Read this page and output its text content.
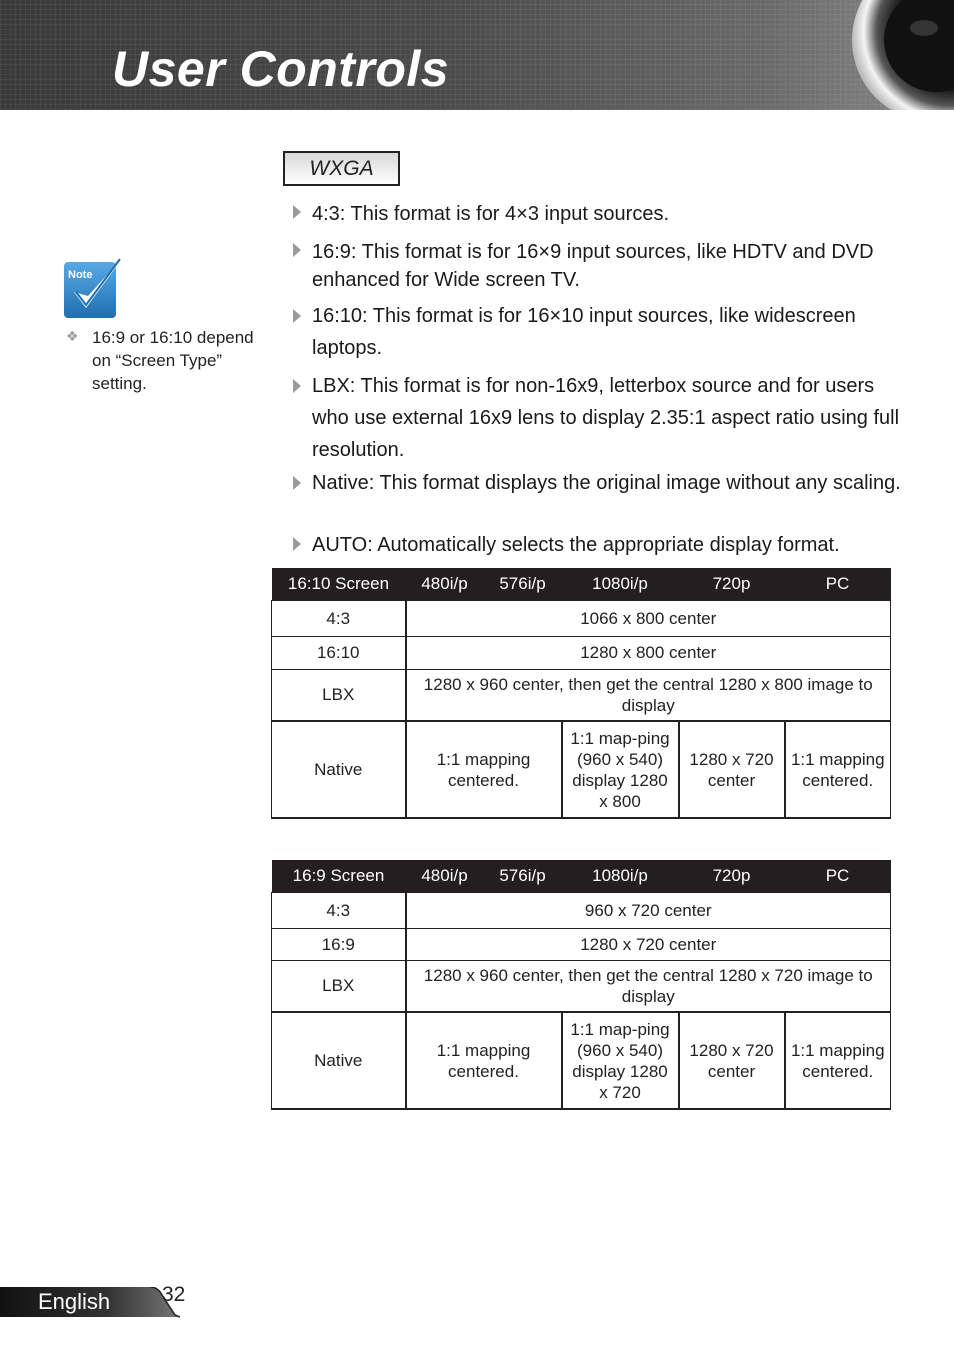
User Controls
WXGA
Note
❖ 16:9 or 16:10 depend on “Screen Type” setting.
4:3: This format is for 4×3 input sources.
16:9: This format is for 16×9 input sources, like HDTV and DVD enhanced for Wide screen TV.
16:10: This format is for 16×10 input sources, like widescreen laptops.
LBX: This format is for non-16x9, letterbox source and for users who use external 16x9 lens to display 2.35:1 aspect ratio using full resolution.
Native: This format displays the original image without any scaling.
AUTO: Automatically selects the appropriate display format.
16:10 Screen	480i/p	576i/p	1080i/p	720p	PC
4:3	1066 x 800 center				
16:10	1280 x 800 center				
LBX	1280 x 960 center, then get the central 1280 x 800 image to display				
Native	1:1 mapping centered.		1:1 map-ping (960 x 540) display 1280 x 800	1280 x 720 center	1:1 mapping centered.
16:9 Screen	480i/p	576i/p	1080i/p	720p	PC
4:3	960 x 720 center				
16:9	1280 x 720 center				
LBX	1280 x 960 center, then get the central 1280 x 720 image to display				
Native	1:1 mapping centered.		1:1 map-ping (960 x 540) display 1280 x 720	1280 x 720 center	1:1 mapping centered.
English 32
